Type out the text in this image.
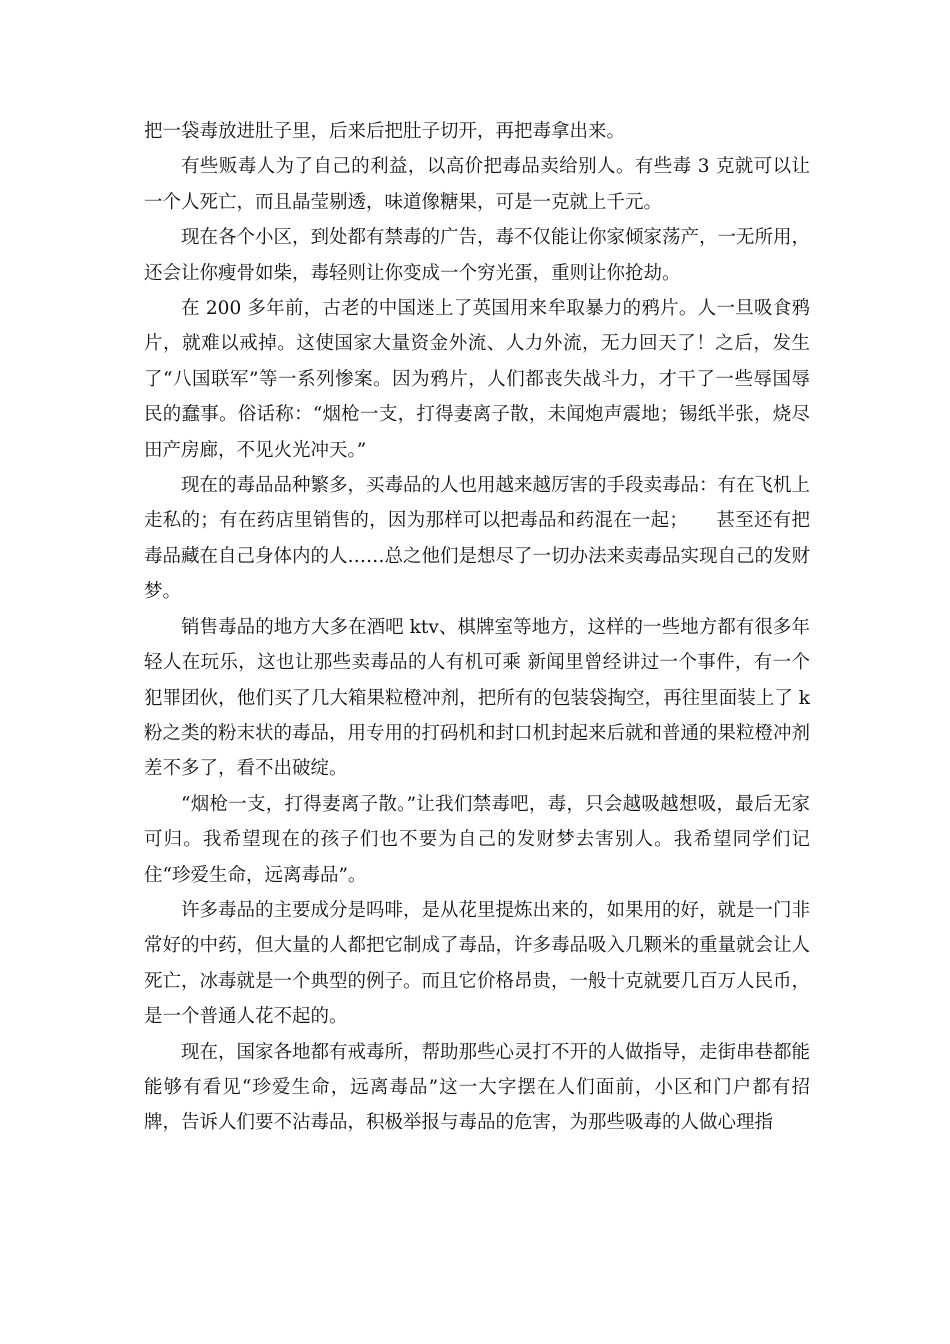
把一袋毒放进肚子里，后来后把肚子切开，再把毒拿出来。

有些贩毒人为了自己的利益，以高价把毒品卖给别人。有些毒 3 克就可以让一个人死亡，而且晶莹剔透，味道像糖果，可是一克就上千元。

现在各个小区，到处都有禁毒的广告，毒不仅能让你家倾家荡产，一无所用，还会让你瘦骨如柴，毒轻则让你变成一个穷光蛋，重则让你抢劫。

在 200 多年前，古老的中国迷上了英国用来牟取暴力的鸦片。人一旦吸食鸦片，就难以戒掉。这使国家大量资金外流、人力外流，无力回天了！之后，发生了“八国联军”等一系列惨案。因为鸦片，人们都丧失战斗力，才干了一些辱国辱民的蠢事。俗话称：“烟枪一支，打得妻离子散，未闻炮声震地；锡纸半张，烧尽田产房廊，不见火光冲天。”

现在的毒品品种繁多，买毒品的人也用越来越厉害的手段卖毒品：有在飞机上走私的；有在药店里销售的，因为那样可以把毒品和药混在一起；　　甚至还有把毒品藏在自己身体内的人……总之他们是想尽了一切办法来卖毒品实现自己的发财梦。

销售毒品的地方大多在酒吧 ktv、棋牌室等地方，这样的一些地方都有很多年轻人在玩乐，这也让那些卖毒品的人有机可乘 新闻里曾经讲过一个事件，有一个犯罪团伙，他们买了几大箱果粒橙冲剂，把所有的包装袋掏空，再往里面装上了 k 粉之类的粉末状的毒品，用专用的打码机和封口机封起来后就和普通的果粒橙冲剂差不多了，看不出破绽。

“烟枪一支，打得妻离子散。”让我们禁毒吧，毒，只会越吸越想吸，最后无家可归。我希望现在的孩子们也不要为自己的发财梦去害别人。我希望同学们记住“珍爱生命，远离毒品”。

许多毒品的主要成分是吗啡，是从花里提炼出来的，如果用的好，就是一门非常好的中药，但大量的人都把它制成了毒品，许多毒品吸入几颗米的重量就会让人死亡，冰毒就是一个典型的例子。而且它价格昂贵，一般十克就要几百万人民币，是一个普通人花不起的。

现在，国家各地都有戒毒所，帮助那些心灵打不开的人做指导，走街串巷都能能够有看见“珍爱生命，远离毒品”这一大字摆在人们面前，小区和门户都有招牌，告诉人们要不沾毒品，积极举报与毒品的危害，为那些吸毒的人做心理指
